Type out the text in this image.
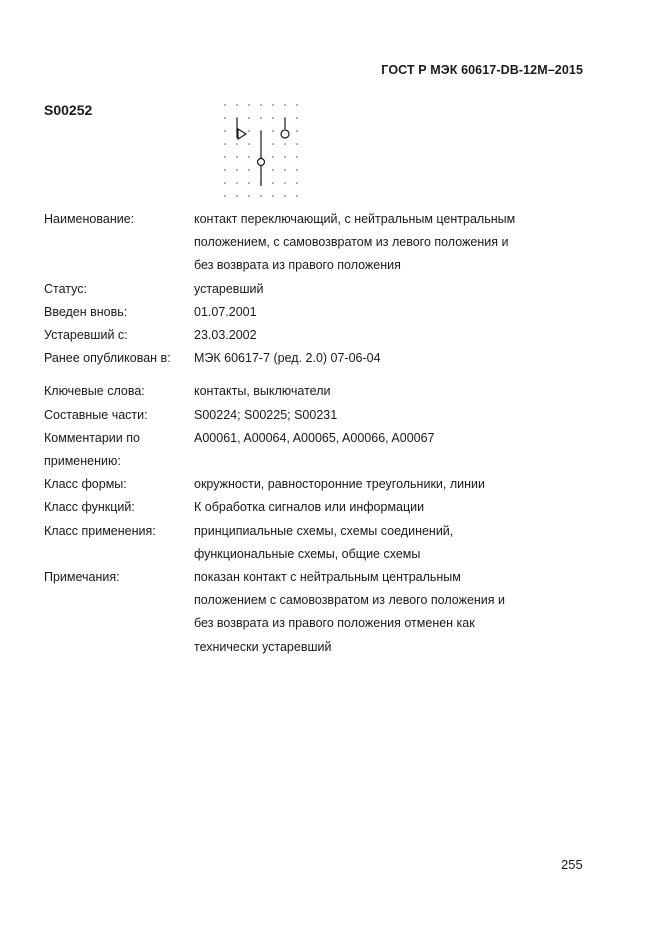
ГОСТ Р МЭК 60617-DB-12M–2015
S00252
Наименование:	контакт переключающий, с нейтральным центральным
положением, с самовозвратом из левого положения и
без возврата из правого положения
Статус:	устаревший
Введен вновь:	01.07.2001
Устаревший с:	23.03.2002
Ранее опубликован в:	МЭК 60617-7 (ред. 2.0) 07-06-04
Ключевые слова:	контакты, выключатели
Составные части:	S00224; S00225; S00231
Комментарии по
применению:
A00061, A00064, A00065, A00066, A00067
Класс формы:	окружности, равносторонние треугольники, линии
Класс функций:	К обработка сигналов или информации
Класс применения:	принципиальные схемы, схемы соединений,
функциональные схемы, общие схемы
Примечания:	показан контакт с нейтральным центральным
положением с самовозвратом из левого положения и
без возврата из правого положения отменен как
технически устаревший
255
